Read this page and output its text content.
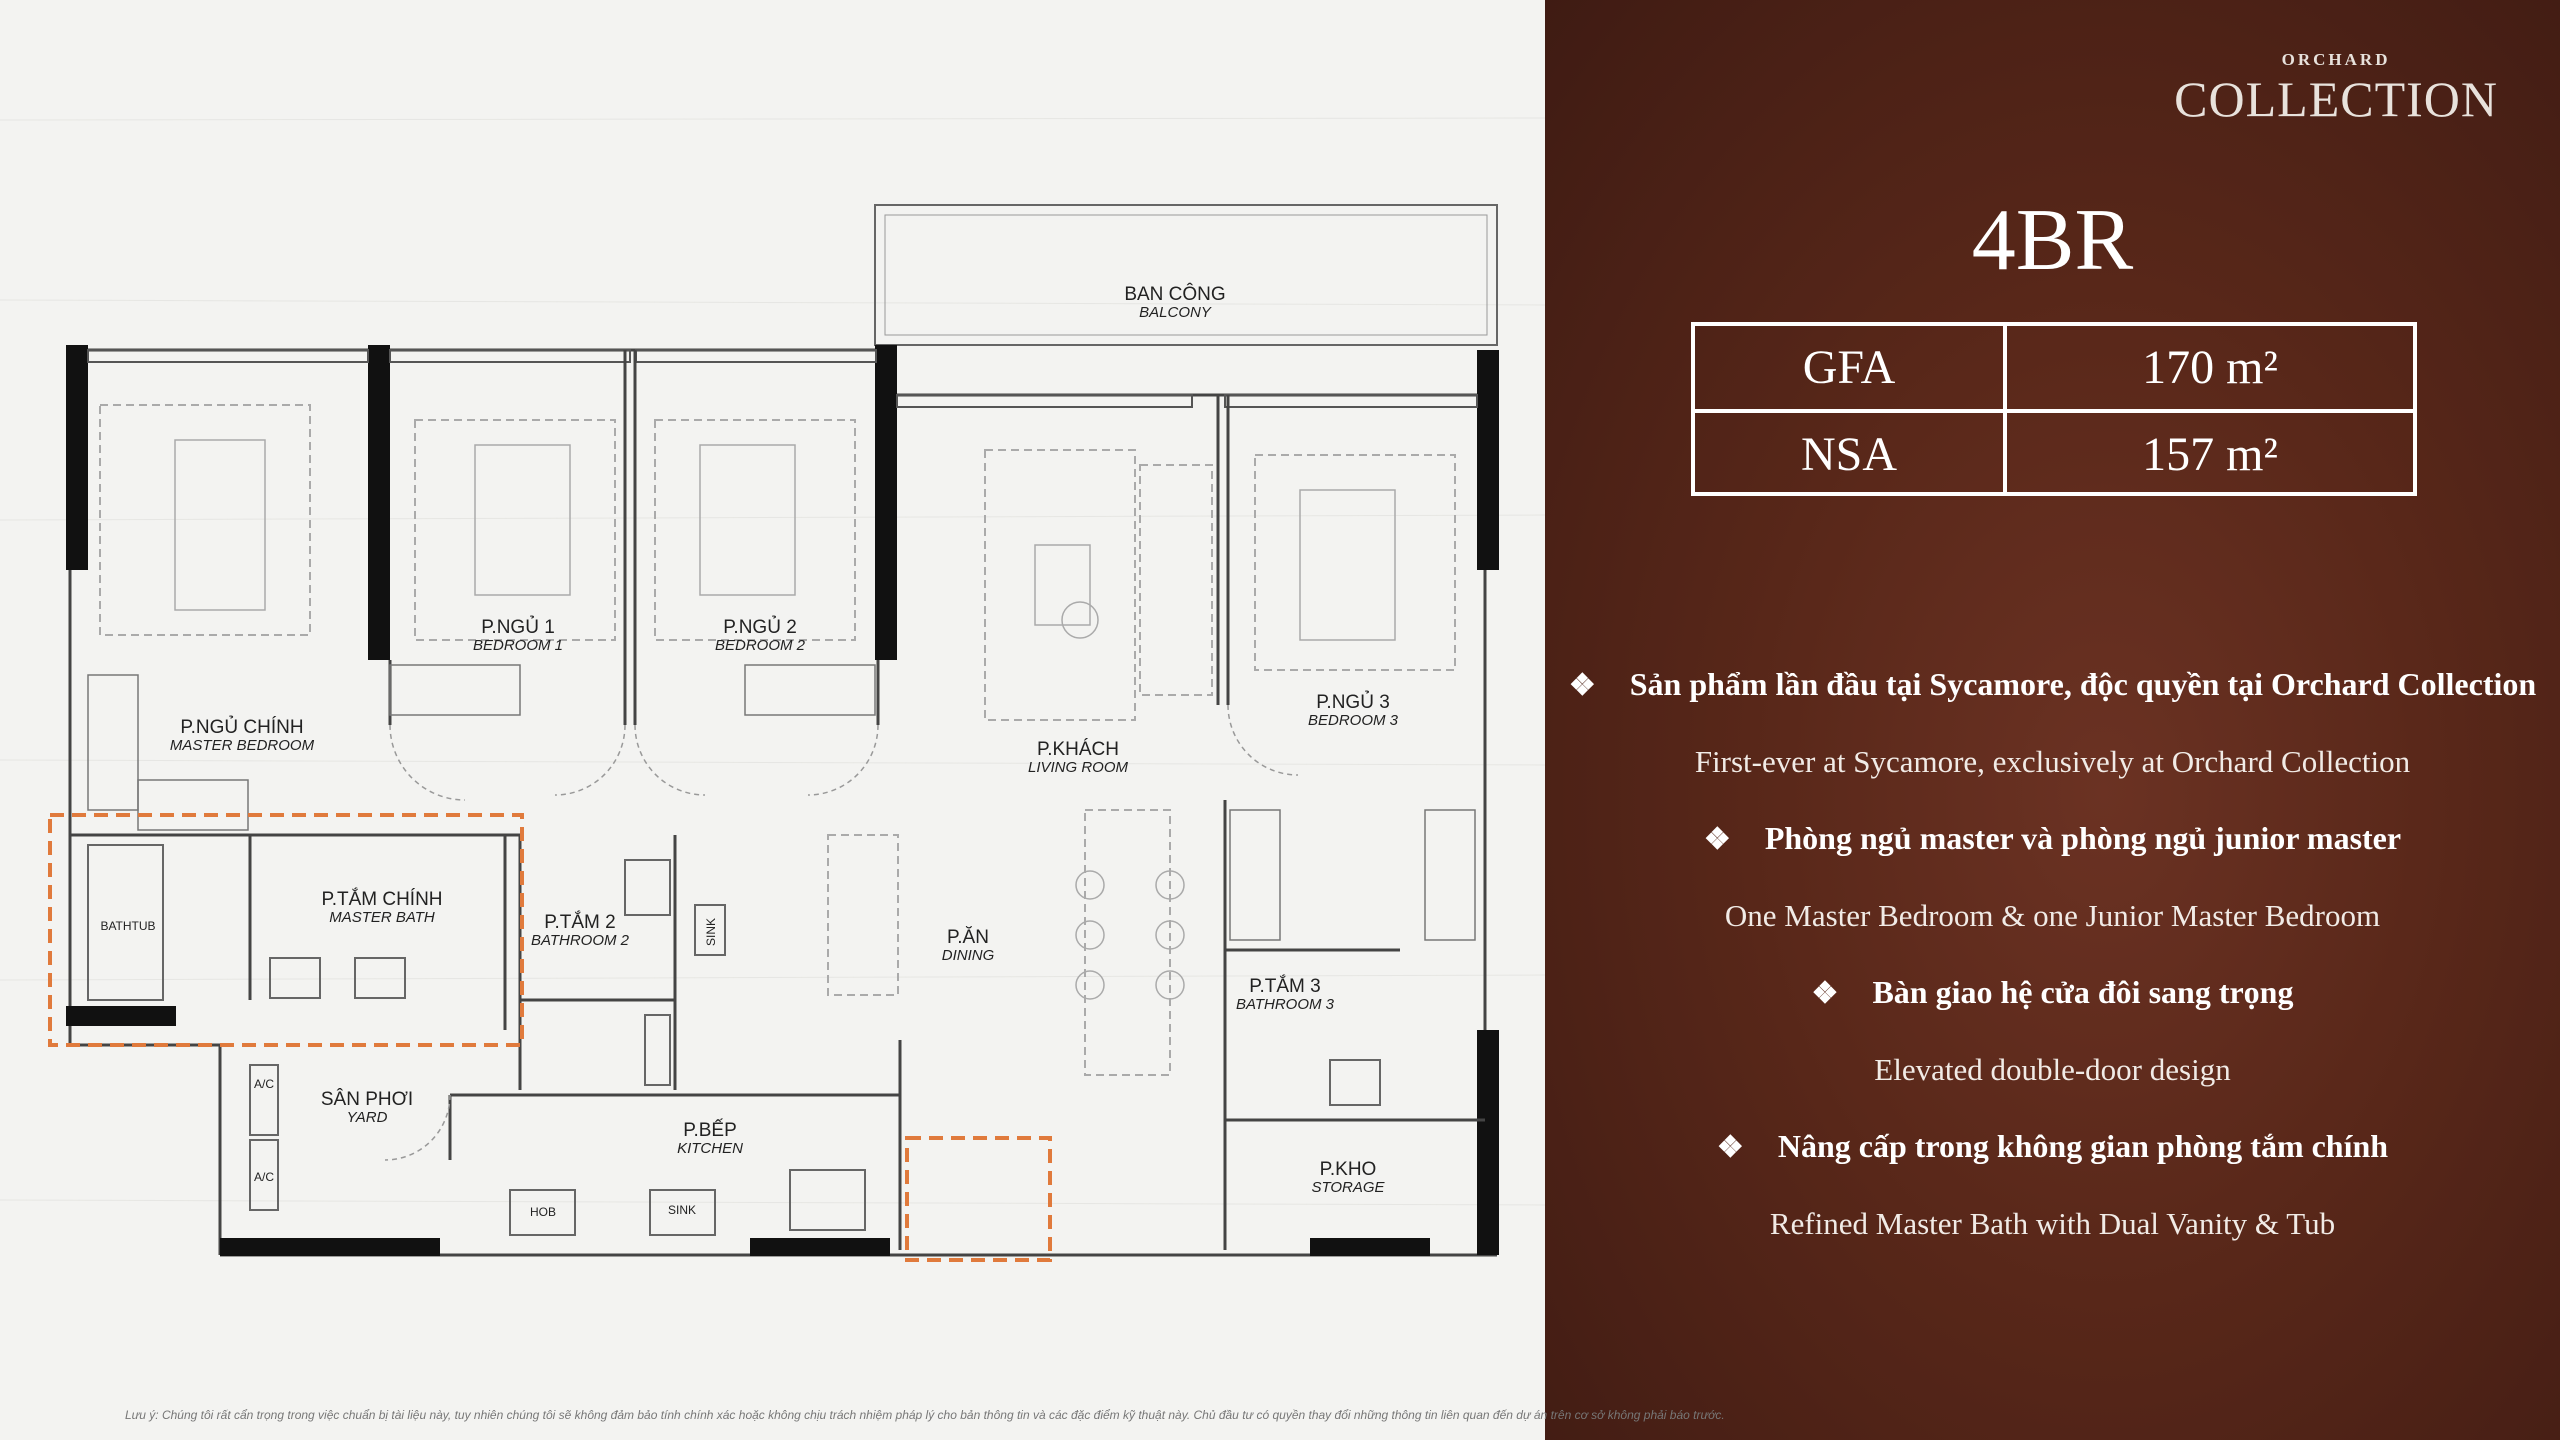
BAN CÔNG
BALCONY
P.NGỦ CHÍNH
MASTER BEDROOM
P.NGỦ 1
BEDROOM 1
P.NGỦ 2
BEDROOM 2
P.NGỦ 3
BEDROOM 3
P.KHÁCH
LIVING ROOM
P.ĂN
DINING
P.TẮM CHÍNH
MASTER BATH	P.TẮM 2
BATHROOM 2
P.TẮM 3
BATHROOM 3
SÂN PHƠI
YARD
P.BẾP
KITCHEN
P.KHO
STORAGE
BATHTUB	SINK
HOB	SINK
A/C
A/C
ORCHARD
COLLECTION
4BR
GFA	170 m²
NSA	157 m²
❖ Sản phẩm lần đầu tại Sycamore, độc quyền tại Orchard Collection
First-ever at Sycamore, exclusively at Orchard Collection
❖ Phòng ngủ master và phòng ngủ junior master
One Master Bedroom & one Junior Master Bedroom
❖ Bàn giao hệ cửa đôi sang trọng
Elevated double-door design
❖ Nâng cấp trong không gian phòng tắm chính
Refined Master Bath with Dual Vanity & Tub
Lưu ý: Chúng tôi rất cẩn trọng trong việc chuẩn bị tài liệu này, tuy nhiên chúng tôi sẽ không đảm bảo tính chính xác hoặc không chịu trách nhiệm pháp lý cho bản thông tin và các đặc điểm kỹ thuật này. Chủ đầu tư có quyền thay đổi những thông tin liên quan đến dự án trên cơ sở không phải báo trước.
